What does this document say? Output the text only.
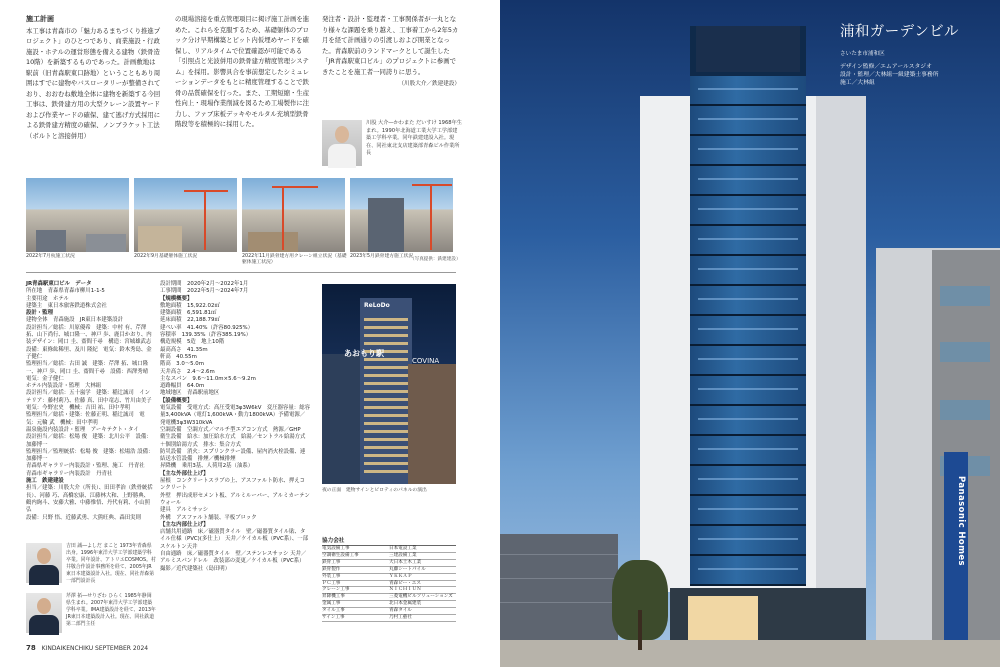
施工計画
本工事は青森市の「魅力あるまちづくり推進プロジェクト」のひとつであり、商業施設・行政施設・ホテルの運営形態を備える建物（鉄骨造10階）を新築するものであった。計画敷地は駅前（旧青森駅東口跡地）ということもあり周囲はすでに建物やバスロータリーが整備されており、おおむね敷地全体に建物を新築する今回工事は、鉄骨建方用の大型クレーン設置ヤードおよび作業ヤードの確保、建て逃げ方式採用による鉄骨建方精度の確保、ノンブラケット工法（ボルトと溶接併用）
の現場溶接を重点管理項目に掲げ施工計画を進めた。これらを克服するため、基礎躯体のブロック分け早期構築とピット内仮埋めヤードを確保し、リアルタイムで位置確認が可能である「引照点と光波併用の鉄骨建方精度管理システム」を採用。影響具合を事前想定したシミュレーションデータをもとに精度管理することで鉄骨の品質確保を行った。また、工期短縮・生産性向上・現場作業削減を図るため工場製作に注力し、ファブ床板デッキやモルタル充填型鉄骨階段等を積極的に採用した。
発注者・設計・監理者・工事関係者が一丸となり様々な課題を乗り越え、工事着工から2年5カ月を経て計画通りの引渡しおよび開業となった。青森駅前のランドマークとして誕生した「JR青森駅東口ビル」のプロジェクトに参画できたことを施工者一同誇りに思う。
（川股大介／鉄建建設）
川股 大介―かわまた だいすけ 1968年生まれ。1990年北海道工業大学工学部建築工学科卒業。同年鉄建建設入社。現在、同社東北支店建築部青森ビル作業所長
2022年7月杭施工状況	2022年9月基礎躯体施工状況	2022年11月鉄骨建方用クレーン組立状況（基礎躯体施工状況）
2023年5月鉄骨建方施工状況
（写真提供：鉄建建設）
JR青森駅東口ビル　データ
所在地　青森県青森市柳川1-1-5
主要用途　ホテル
建築主　東日本旅客鉄道株式会社
設計・監理
建物全体　青森施設　JR東日本建築設計
設計担当／総括：川原優希　建築：中村 有、芹澤 拓、山下尚行、城口隆一、神戸 歩、鹿目かおり、内装デザイン：岡口 圭、齋間千尋　構造：宮城雄武志　設備：東條紘稀里、及川 隆紀　電気：鈴木秀島、金子健仁
監理担当／総括：古田 誠　建築：芹澤 拓、城口隆一、神戸 歩、岡口 圭、齋間千尋　設備：西澤秀晴　電気：金子健仁
ホテル内装設計・監理　大林組
設計担当／総括：五十嵐学　建築：稲辻誠司　インテリア：藤村莉乃、佐藤 真、田中竜志、竹川由美子　電気：今野宏史　機械：吉田 祐、田中孝明
監理担当／総括・建築：佐藤正明、稲辻誠司　電気：元輪 武　機械：田中孝明
温泉施設内装設計・監理　アーキテクト・タイ
設計担当／総括：松場 俊　建築：北川公平　設備：加藤博一
監理担当／監理統括：松場 俊　建築：松場浩 設備：加藤博一
青森県ギャラリー内装設計・監理、施工　丹青社
青森市ギャラリー内装設計　丹青社
施工　鉄建建設
担当／建築：川股大介（所長）、田田孝治（鉄骨統括長）、河藤 巧、高橋宏康、江藤林大和、上野勝典、鶴内絢斗、安藤大雅、中藤惟悟、丹代有莉、小山照弘
設備：只野 悟、近藤武勇、大熊旺典、森田実則
設計期間　2020年2月〜2022年1月
工事期間　2022年5月〜2024年7月
【規模概要】
敷地面積　15,922.02㎡
建築面積　6,591.81㎡
延床面積　22,188.79㎡
建ぺい率　41.40%（許容80.925%）
容積率　139.35%（許容385.19%）
構造規模　5造　地上10階
最高高さ　41.35m
軒高　40.55m
階高　3.0〜5.0m
天井高さ　2.4〜2.6m
主なスパン　9.6〜11.0m×5.6〜9.2m
道路幅員　64.0m
地域地区　青森駅前地区
【設備概要】
電気設備　受電方式：高圧受電3φ3W6kV　変圧器容量：総容量3,400kVA（電灯1,600kVA・動力1800kVA）予備電源／発電機3φ3W310kVA
空調設備　空調方式／マルチ型エアコン方式　熱源／GHP
衛生設備　給水：加圧給水方式　給湯／セントラル給湯方式＋個別給湯方式　排水：集合方式
防災設備　消火：スプリンクラー設備、屋内消火栓設備、連結送水管設備　排煙／機械排煙
昇降機　乗用3基、人荷用2基（油系）
【主な外部仕上げ】
屋根　コンクリートスラブの上、アスファルト防水、押えコンクリート
外壁　押出成形セメント板、アルミルーバー、アルミカーテンウォール
建具　アルミサッシ
外構　アスファルト舗装、平板ブロック
【主な内部仕上げ】
店舗共用通路　床／磁器質タイル　壁／磁器質タイル貼、タイル仕様（PVC)(多仕上） 天井／ケイカル板（PVC系）、一部スケルトン天井
自由通路　床／磁器質タイル　壁／ステンレスサッシ 天井／アルミスパンドレル　改装部の変更／ケイカル板（PVC系）
撮影／近代建築社（島田明）
ReLoDo
あおもり駅
COVINA
夜の正面　建物サインとピロティのパネルの演出
協力会社
電気設備工事	日本電設工業
空調衛生設備工事	三建設備工業
鉄骨工事	大日本土木工業
鉄骨製作	丸藤シートパイル
外装工事	ＹＫＫＡＰ
ＰＣ工事	青森ピー・エス
クレーン工事	ＮＩＣＨＩＵＮ
昇降機工事	三菱電機ビルソリューションズ
金属工事	北日本金属建装
タイル工事	青森タイル
サイン工事	乃村工藝社
吉田 誠―よしだ まこと 1973年青森県出身。1996年東洋大学工学部建築学科卒業。同年設計、アトリエCOSMOS。村井敬合作設計事務所を経て、2005年JR東日本建築設計入社。現在、同社青森第一部門設計長
芹澤 拓―せりざわ ひらく 1985年静岡県生まれ。2007年東洋大学工学部建築学科卒業。IMA建築設計を経て、2013年JR東日本建築設計入社。現在、同社鉄道第二部門主任
78 KINDAIKENCHIKU SEPTEMBER 2024
Panasonic Homes
浦和ガーデンビル
さいたま市浦和区
デザイン監修／エムアールスタジオ
設計・監理／大林組一級建築士事務所
施工／大林組
